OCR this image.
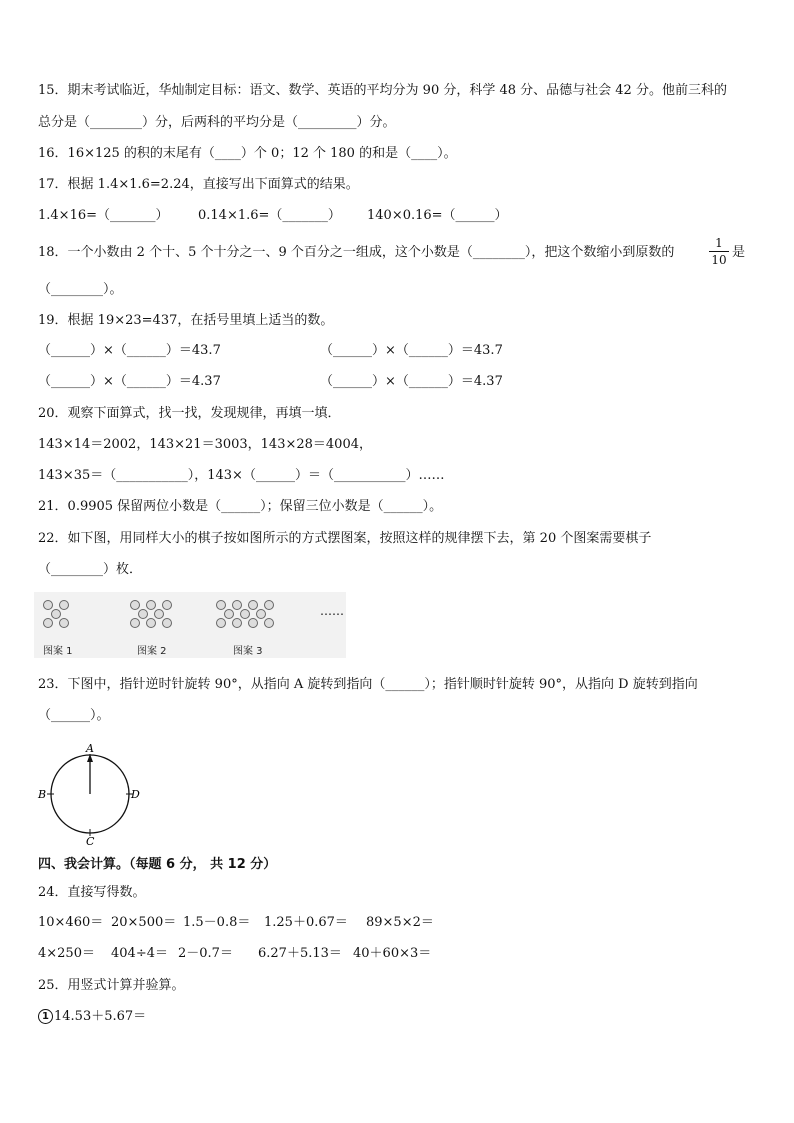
15．期末考试临近，华灿制定目标：语文、数学、英语的平均分为 90 分，科学 48 分、品德与社会 42 分。他前三科的
总分是（________）分，后两科的平均分是（_________）分。
16．16×125 的积的末尾有（____）个 0；12 个 180 的和是（____）。
17．根据 1.4×1.6=2.24，直接写出下面算式的结果。
1.4×16=（_______） 0.14×1.6=（_______） 140×0.16=（______）
18．一个小数由 2 个十、5 个十分之一、9 个百分之一组成，这个小数是（________），把这个数缩小到原数的
1
10 是
（________）。
19．根据 19×23=437，在括号里填上适当的数。
（______）×（______）＝43.7	（______）×（______）＝43.7
（______）×（______）＝4.37	（______）×（______）＝4.37
20．观察下面算式，找一找，发现规律，再填一填．
143×14＝2002，143×21＝3003，143×28＝4004，
143×35＝（___________），143×（______）＝（___________）……
21．0.9905 保留两位小数是（______）；保留三位小数是（______）。
22．如下图，用同样大小的棋子按如图所示的方式摆图案，按照这样的规律摆下去，第 20 个图案需要棋子
（________）枚．
……
图案 1	图案 2	图案 3
23．下图中，指针逆时针旋转 90°，从指向 A 旋转到指向（______）；指针顺时针旋转 90°，从指向 D 旋转到指向
（______）。
A
B	D
C
四、我会计算。（每题 6 分， 共 12 分）
24．直接写得数。
10×460＝ 20×500＝ 1.5－0.8＝ 1.25＋0.67＝ 89×5×2＝
4×250＝ 404÷4＝ 2－0.7＝ 6.27＋5.13＝ 40＋60×3＝
25．用竖式计算并验算。
1 14.53＋5.67＝
